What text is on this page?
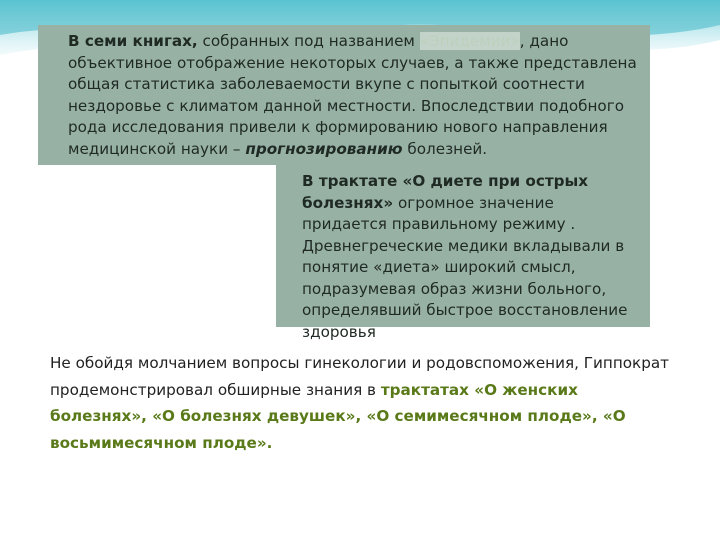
В семи книгах, собранных под названием «Эпидемии», дано объективное отображение некоторых случаев, а также представлена общая статистика заболеваемости вкупе с попыткой соотнести нездоровье с климатом данной местности. Впоследствии подобного рода исследования привели к формированию нового направления медицинской науки – прогнозированию болезней.

В трактате «О диете при острых болезнях» огромное значение придается правильному режиму . Древнегреческие медики вкладывали в понятие «диета» широкий смысл, подразумевая образ жизни больного, определявший быстрое восстановление здоровья

Не обойдя молчанием вопросы гинекологии и родовспоможения, Гиппократ продемонстрировал обширные знания в трактатах «О женских болезнях», «О болезнях девушек», «О семимесячном плоде», «О восьмимесячном плоде».
